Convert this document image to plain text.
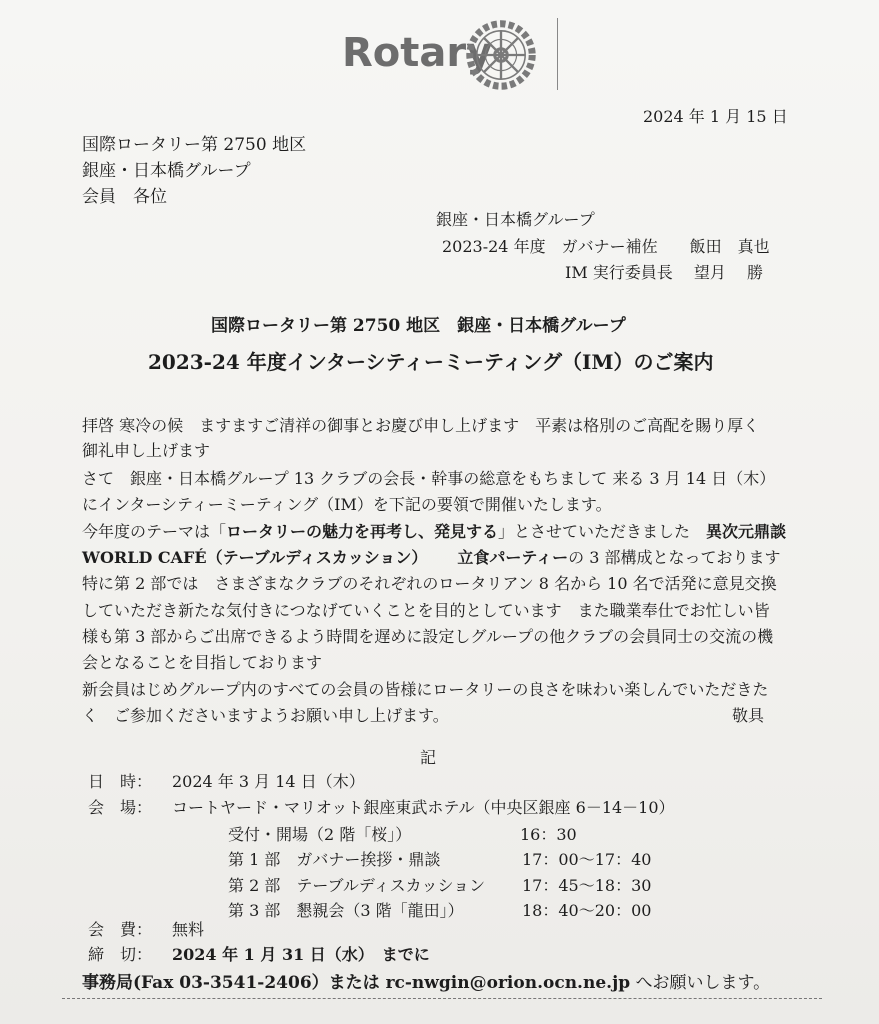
Rotary
2024 年 1 月 15 日
国際ロータリー第 2750 地区
銀座・日本橋グループ
会員　各位
銀座・日本橋グループ
2023-24 年度　ガバナー補佐　　飯田　真也
IM 実行委員長　 望月　 勝
国際ロータリー第 2750 地区　銀座・日本橋グループ
2023-24 年度インターシティーミーティング（IM）のご案内
拝啓 寒冷の候　ますますご清祥の御事とお慶び申し上げます　平素は格別のご高配を賜り厚く
御礼申し上げます
さて　銀座・日本橋グループ 13 クラブの会長・幹事の総意をもちまして 来る 3 月 14 日（木）
にインターシティーミーティング（IM）を下記の要領で開催いたします。
今年度のテーマは「ロータリーの魅力を再考し、発見する」とさせていただきました　異次元鼎談
WORLD CAFÉ（テーブルディスカッション） 立食パーティーの 3 部構成となっております
特に第 2 部では　さまざまなクラブのそれぞれのロータリアン 8 名から 10 名で活発に意見交換
していただき新たな気付きにつなげていくことを目的としています　また職業奉仕でお忙しい皆
様も第 3 部からご出席できるよう時間を遅めに設定しグループの他クラブの会員同士の交流の機
会となることを目指しております
新会員はじめグループ内のすべての会員の皆様にロータリーの良さを味わい楽しんでいただきた
く　ご参加くださいますようお願い申し上げます。	敬具
記
日　時： 2024 年 3 月 14 日（木）
会　場： コートヤード・マリオット銀座東武ホテル（中央区銀座 6－14－10）
受付・開場（2 階「桜」）	16：30
第 1 部　ガバナー挨拶・鼎談	17：00～17：40
第 2 部　テーブルディスカッション 17：45～18：30
第 3 部　懇親会（3 階「龍田」）	18：40～20：00
会　費： 無料
締　切： 2024 年 1 月 31 日（水）　までに
事務局(Fax 03-3541-2406）または rc-nwgin@orion.ocn.ne.jp へお願いします。
